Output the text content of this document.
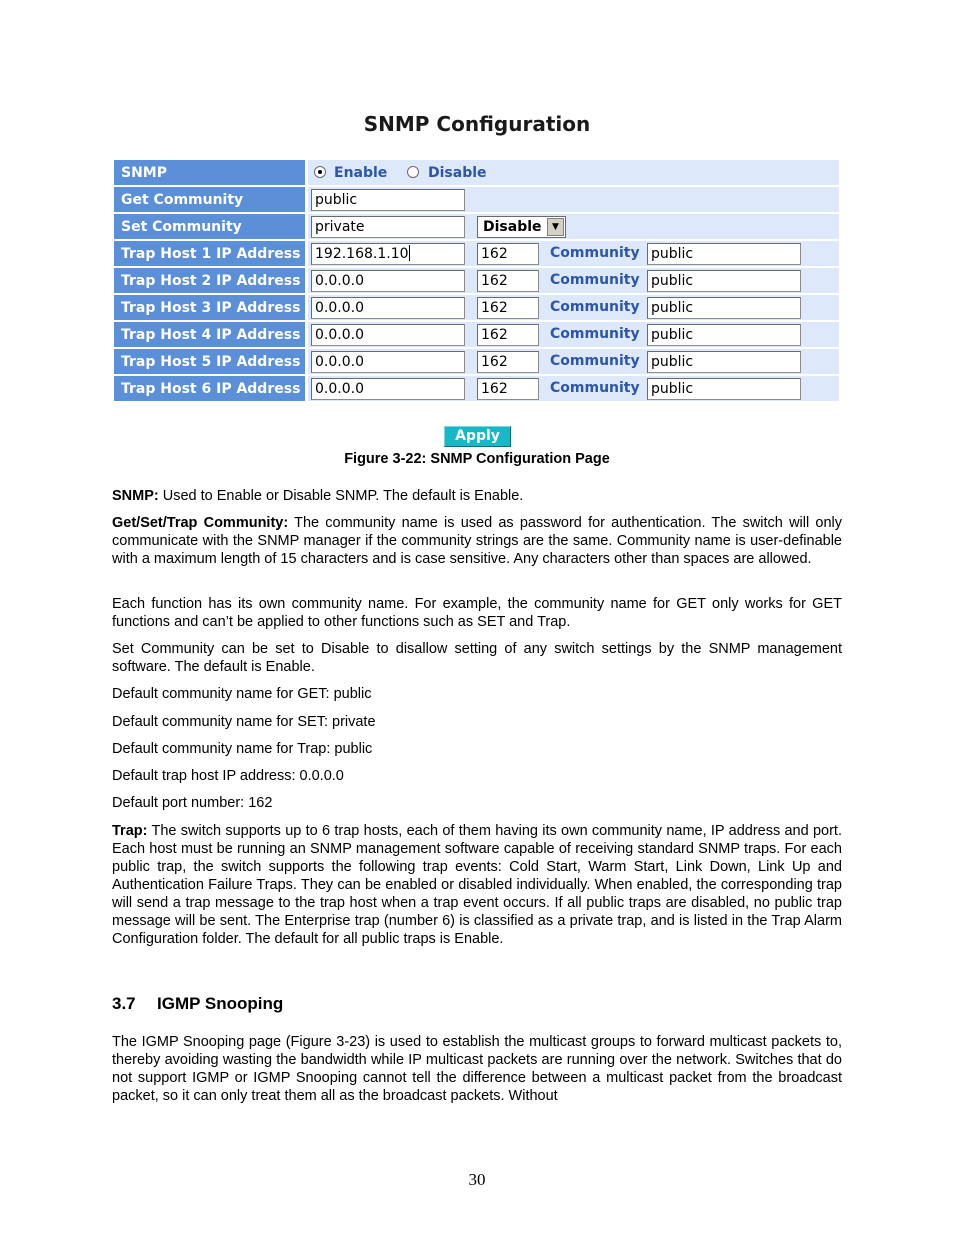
SNMP Configuration
SNMP	Enable Disable

Get Community	public

Set Community	private Disable ▼

Trap Host 1 IP Address	192.168.1.10 162 Community public

Trap Host 2 IP Address	0.0.0.0 162 Community public

Trap Host 3 IP Address	0.0.0.0 162 Community public

Trap Host 4 IP Address	0.0.0.0 162 Community public

Trap Host 5 IP Address	0.0.0.0 162 Community public

Trap Host 6 IP Address	0.0.0.0 162 Community public
Apply
Figure 3-22: SNMP Configuration Page
SNMP: Used to Enable or Disable SNMP. The default is Enable.
Get/Set/Trap Community: The community name is used as password for authentication. The switch will only communicate with the SNMP manager if the community strings are the same. Community name is user-definable with a maximum length of 15 characters and is case sensitive. Any characters other than spaces are allowed.
Each function has its own community name. For example, the community name for GET only works for GET functions and can’t be applied to other functions such as SET and Trap.
Set Community can be set to Disable to disallow setting of any switch settings by the SNMP management software. The default is Enable.
Default community name for GET: public
Default community name for SET: private
Default community name for Trap: public
Default trap host IP address: 0.0.0.0
Default port number: 162
Trap: The switch supports up to 6 trap hosts, each of them having its own community name, IP address and port. Each host must be running an SNMP management software capable of receiving standard SNMP traps. For each public trap, the switch supports the following trap events: Cold Start, Warm Start, Link Down, Link Up and Authentication Failure Traps. They can be enabled or disabled individually. When enabled, the corresponding trap will send a trap message to the trap host when a trap event occurs. If all public traps are disabled, no public trap message will be sent. The Enterprise trap (number 6) is classified as a private trap, and is listed in the Trap Alarm Configuration folder. The default for all public traps is Enable.
3.7 IGMP Snooping
The IGMP Snooping page (Figure 3-23) is used to establish the multicast groups to forward multicast packets to, thereby avoiding wasting the bandwidth while IP multicast packets are running over the network. Switches that do not support IGMP or IGMP Snooping cannot tell the difference between a multicast packet from the broadcast packet, so it can only treat them all as the broadcast packets. Without
30
